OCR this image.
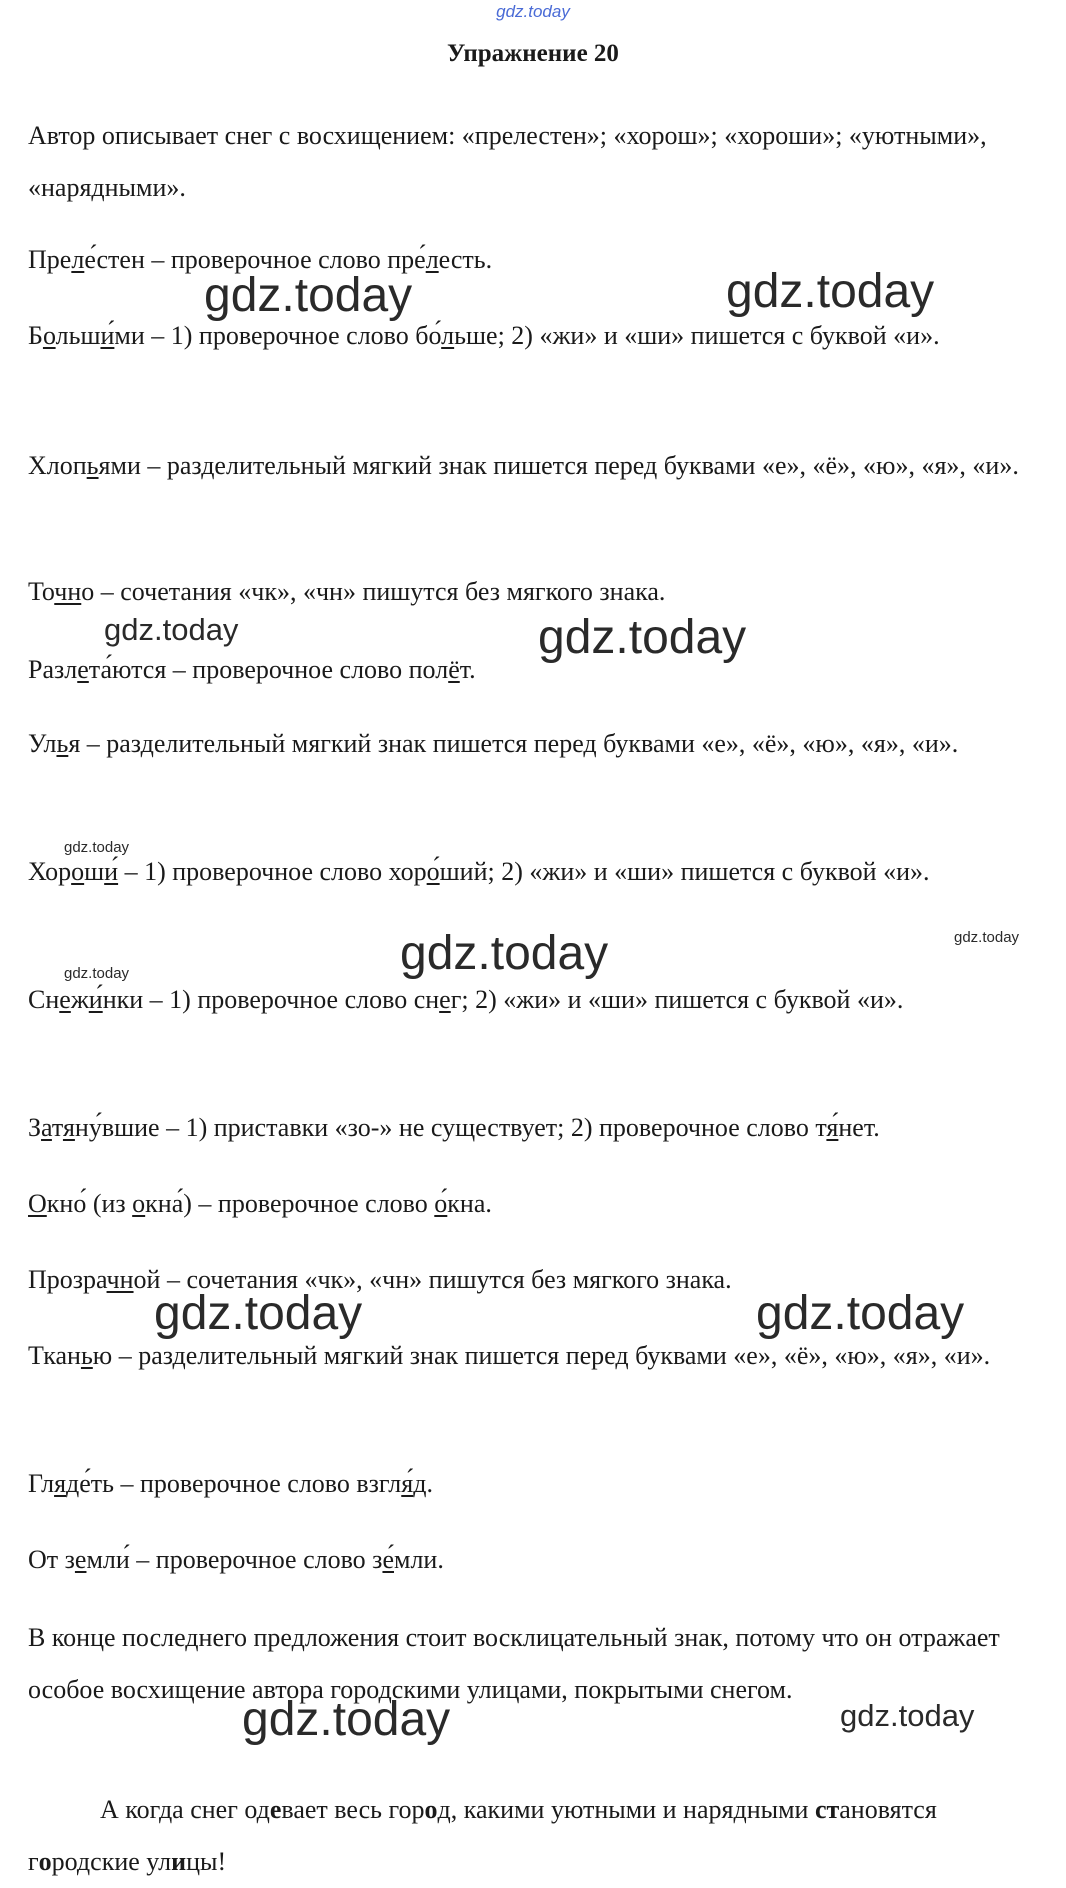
gdz.today
Упражнение 20

Автор описывает снег с восхищением: «прелестен»; «хорош»; «хороши»; «уютными», «нарядными».

Преле́стен – проверочное слово пре́лесть.

Больши́ми – 1) проверочное слово бо́льше; 2) «жи» и «ши» пишется с буквой «и».

Хлопьями – разделительный мягкий знак пишется перед буквами «е», «ё», «ю», «я», «и».

Точно – сочетания «чк», «чн» пишутся без мягкого знака.

Разлета́ются – проверочное слово полёт.

Улья – разделительный мягкий знак пишется перед буквами «е», «ё», «ю», «я», «и».

Хороши́ – 1) проверочное слово хоро́ший; 2) «жи» и «ши» пишется с буквой «и».

Снежи́нки – 1) проверочное слово снег; 2) «жи» и «ши» пишется с буквой «и».

Затяну́вшие – 1) приставки «зо-» не существует; 2) проверочное слово тя́нет.

Окно́ (из окна́) – проверочное слово о́кна.

Прозрачной – сочетания «чк», «чн» пишутся без мягкого знака.

Тканью – разделительный мягкий знак пишется перед буквами «е», «ё», «ю», «я», «и».

Гляде́ть – проверочное слово взгля́д.

От земли́ – проверочное слово зе́мли.

В конце последнего предложения стоит восклицательный знак, потому что он отражает особое восхищение автора городскими улицами, покрытыми снегом.

А когда снег одевает весь город, какими уютными и нарядными становятся городские улицы!

gdz.today	gdz.today
gdz.today	gdz.today
gdz.today
gdz.today	gdz.today
gdz.today
gdz.today	gdz.today
gdz.today	gdz.today
